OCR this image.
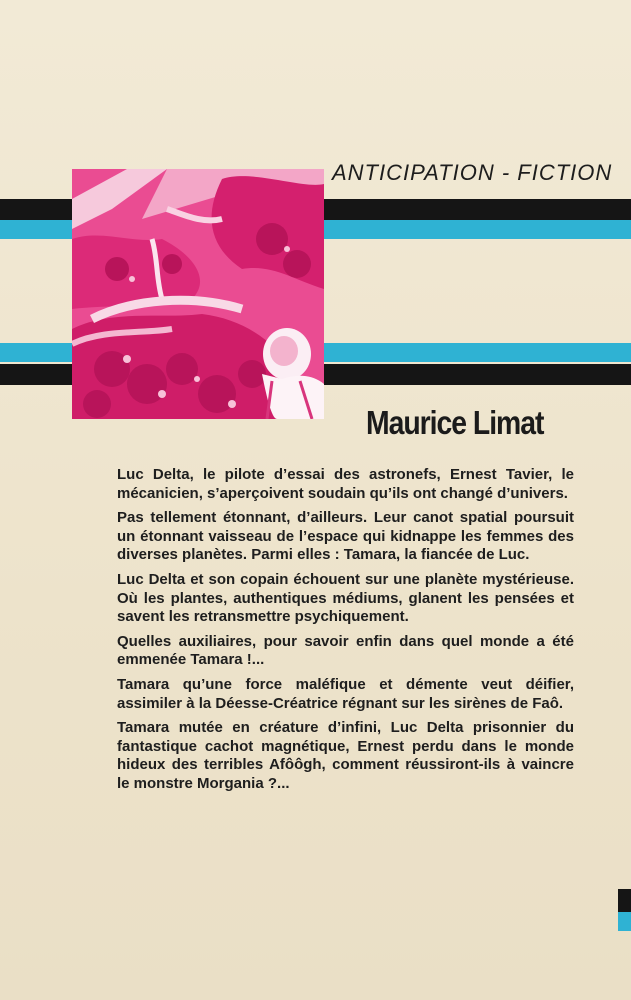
ANTICIPATION - FICTION
Maurice Limat

Luc Delta, le pilote d’essai des astronefs, Ernest Tavier, le mécanicien, s’aperçoivent soudain qu’ils ont changé d’univers.

Pas tellement étonnant, d’ailleurs. Leur canot spatial poursuit un étonnant vaisseau de l’espace qui kidnappe les femmes des diverses planètes. Parmi elles : Tamara, la fiancée de Luc.

Luc Delta et son copain échouent sur une planète mystérieuse. Où les plantes, authentiques médiums, glanent les pensées et savent les retransmettre psychiquement.

Quelles auxiliaires, pour savoir enfin dans quel monde a été emmenée Tamara !...

Tamara qu’une force maléfique et démente veut déifier, assimiler à la Déesse-Créatrice régnant sur les sirènes de Faô.

Tamara mutée en créature d’infini, Luc Delta prisonnier du fantastique cachot magnétique, Ernest perdu dans le monde hideux des terribles Afôôgh, comment réussiront-ils à vaincre le monstre Morgania ?...
